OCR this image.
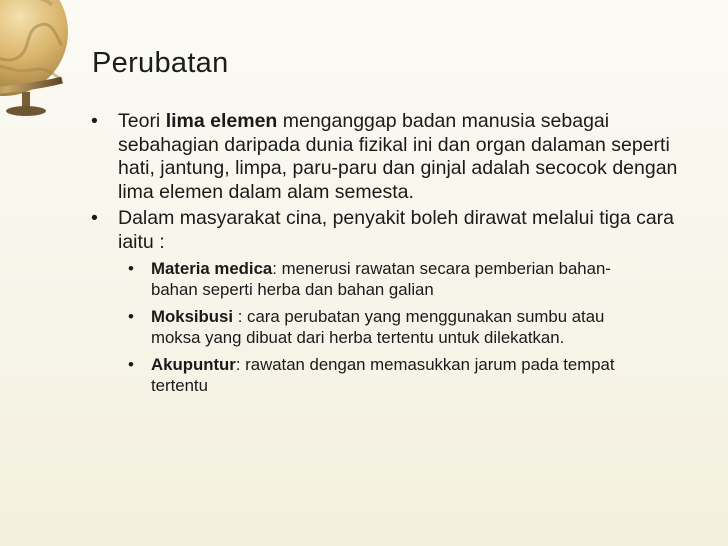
Perubatan
• Teori lima elemen menganggap badan manusia sebagai sebahagian daripada dunia fizikal ini dan organ dalaman seperti hati, jantung, limpa, paru-paru dan ginjal adalah secocok dengan lima elemen dalam alam semesta.
• Dalam masyarakat cina, penyakit boleh dirawat melalui tiga cara iaitu :
• Materia medica: menerusi rawatan secara pemberian bahan-bahan seperti herba dan bahan galian
• Moksibusi : cara perubatan yang menggunakan sumbu atau moksa yang dibuat dari herba tertentu untuk dilekatkan.
• Akupuntur: rawatan dengan memasukkan jarum pada tempat tertentu
